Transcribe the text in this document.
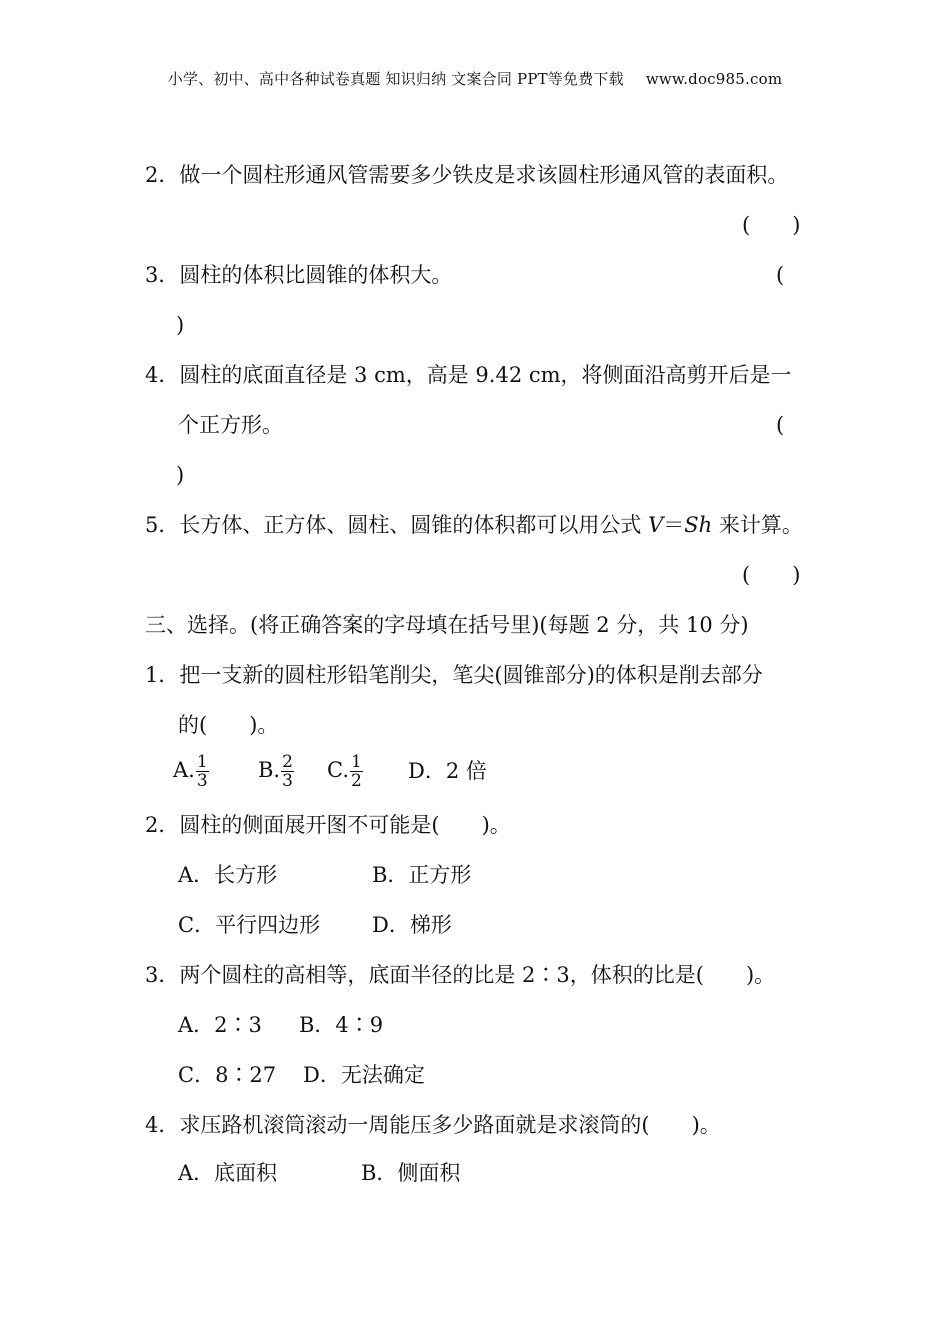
小学、初中、高中各种试卷真题 知识归纳 文案合同 PPT等免费下载 www.doc985.com
2．做一个圆柱形通风管需要多少铁皮是求该圆柱形通风管的表面积。
(　　)
3．圆柱的体积比圆锥的体积大。	(
)
4．圆柱的底面直径是 3 cm，高是 9.42 cm，将侧面沿高剪开后是一
个正方形。	(
)
5．长方体、正方体、圆柱、圆锥的体积都可以用公式 V＝Sh 来计算。
(　　)
三、选择。(将正确答案的字母填在括号里)(每题 2 分，共 10 分)
1．把一支新的圆柱形铅笔削尖，笔尖(圆锥部分)的体积是削去部分
的(　　)。
A. $\frac{1}{3} B$. $\frac{2}{3} C$. $\frac{1}{2}$ D．2 倍
2．圆柱的侧面展开图不可能是(　　)。
A．长方形	B．正方形
C．平行四边形 D．梯形
3．两个圆柱的高相等，底面半径的比是 2∶3，体积的比是(　　)。
A．2∶3 B．4∶9
C．8∶27 D．无法确定
4．求压路机滚筒滚动一周能压多少路面就是求滚筒的(　　)。
A．底面积	B．侧面积
